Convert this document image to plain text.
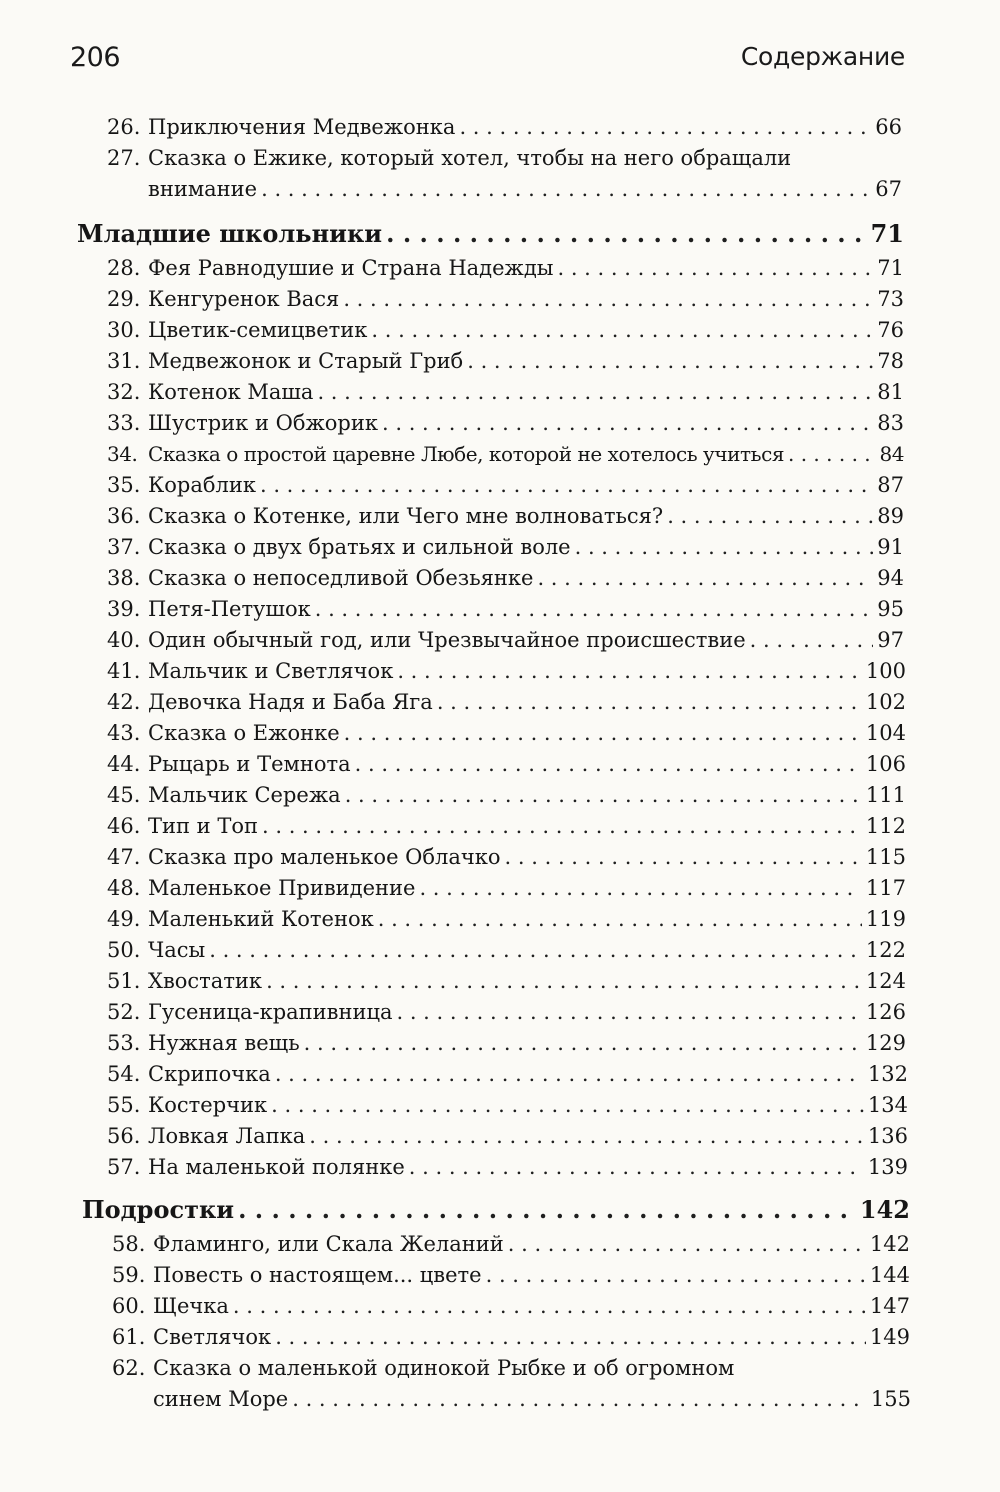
206	Содержание
26. Приключения Медвежонка . . .	66
27. Сказка о Ежике, который хотел, чтобы на него обращали
внимание . . .	67
Младшие школьники . . .	71
28. Фея Равнодушие и Страна Надежды . . .	71
29. Кенгуренок Вася . . .	73
30. Цветик-семицветик . . .	76
31. Медвежонок и Старый Гриб . . .	78
32. Котенок Маша . . .	81
33. Шустрик и Обжорик . . .	83
34. Сказка о простой царевне Любе, которой не хотелось учиться . . .	84
35. Кораблик . . .	87
36. Сказка о Котенке, или Чего мне волноваться? . . .	89
37. Сказка о двух братьях и сильной воле . . .	91
38. Сказка о непоседливой Обезьянке . . .	94
39. Петя-Петушок . . .	95
40. Один обычный год, или Чрезвычайное происшествие . . .	97
41. Мальчик и Светлячок . . .	100
42. Девочка Надя и Баба Яга . . .	102
43. Сказка о Ежонке . . .	104
44. Рыцарь и Темнота . . .	106
45. Мальчик Сережа . . .	111
46. Тип и Топ . . .	112
47. Сказка про маленькое Облачко . . .	115
48. Маленькое Привидение . . .	117
49. Маленький Котенок . . .	119
50. Часы . . .	122
51. Хвостатик . . .	124
52. Гусеница-крапивница . . .	126
53. Нужная вещь . . .	129
54. Скрипочка . . .	132
55. Костерчик . . .	134
56. Ловкая Лапка . . .	136
57. На маленькой полянке . . .	139
Подростки . . .	142
58. Фламинго, или Скала Желаний . . .	142
59. Повесть о настоящем... цвете . . .	144
60. Щечка . . .	147
61. Светлячок . . .	149
62. Сказка о маленькой одинокой Рыбке и об огромном
синем Море . . .	155
